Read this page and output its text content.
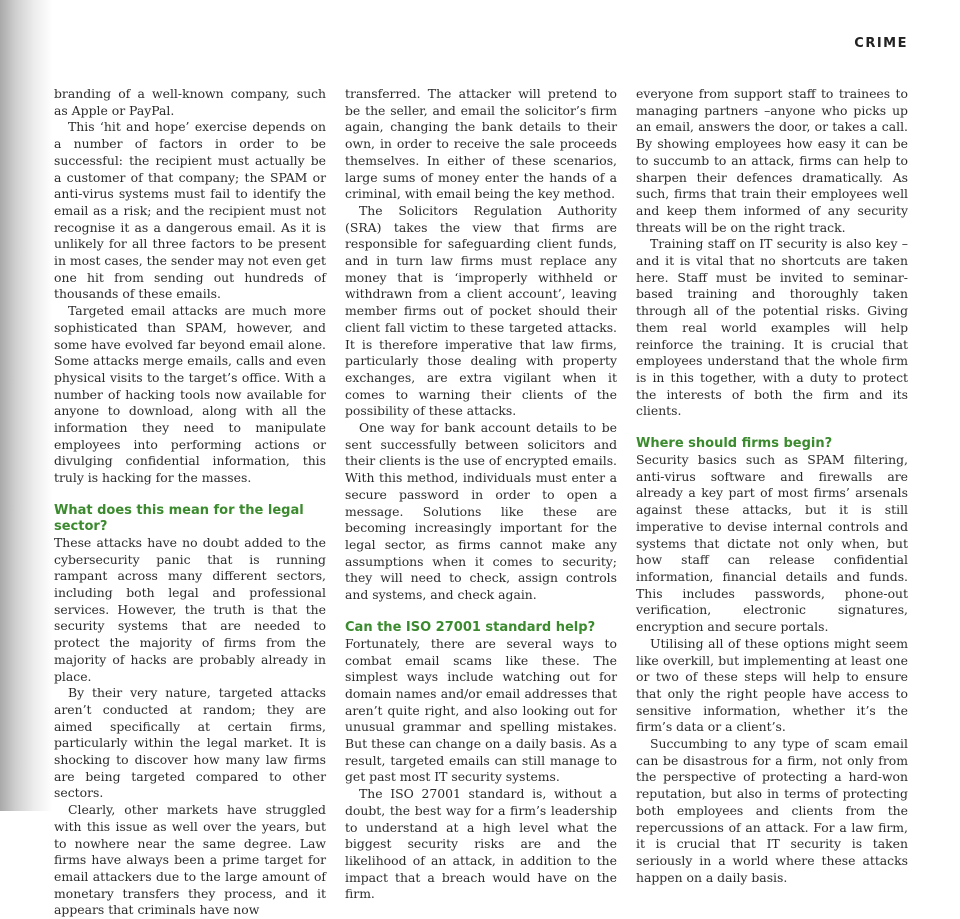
CRIME

branding of a well-known company, such as Apple or PayPal.

This ‘hit and hope’ exercise depends on a number of factors in order to be successful: the recipient must actually be a customer of that company; the SPAM or anti-virus systems must fail to identify the email as a risk; and the recipient must not recognise it as a dangerous email. As it is unlikely for all three factors to be present in most cases, the sender may not even get one hit from sending out hundreds of thousands of these emails.

Targeted email attacks are much more sophisticated than SPAM, however, and some have evolved far beyond email alone. Some attacks merge emails, calls and even physical visits to the target’s office. With a number of hacking tools now available for anyone to download, along with all the information they need to manipulate employees into performing actions or divulging confidential information, this truly is hacking for the masses.

What does this mean for the legal sector?

These attacks have no doubt added to the cybersecurity panic that is running rampant across many different sectors, including both legal and professional services. However, the truth is that the security systems that are needed to protect the majority of firms from the majority of hacks are probably already in place.

By their very nature, targeted attacks aren’t conducted at random; they are aimed specifically at certain firms, particularly within the legal market. It is shocking to discover how many law firms are being targeted compared to other sectors.

Clearly, other markets have struggled with this issue as well over the years, but to nowhere near the same degree. Law firms have always been a prime target for email attackers due to the large amount of monetary transfers they process, and it appears that criminals have now

transferred. The attacker will pretend to be the seller, and email the solicitor’s firm again, changing the bank details to their own, in order to receive the sale proceeds themselves. In either of these scenarios, large sums of money enter the hands of a criminal, with email being the key method.

The Solicitors Regulation Authority (SRA) takes the view that firms are responsible for safeguarding client funds, and in turn law firms must replace any money that is ‘improperly withheld or withdrawn from a client account’, leaving member firms out of pocket should their client fall victim to these targeted attacks. It is therefore imperative that law firms, particularly those dealing with property exchanges, are extra vigilant when it comes to warning their clients of the possibility of these attacks.

One way for bank account details to be sent successfully between solicitors and their clients is the use of encrypted emails. With this method, individuals must enter a secure password in order to open a message. Solutions like these are becoming increasingly important for the legal sector, as firms cannot make any assumptions when it comes to security; they will need to check, assign controls and systems, and check again.

Can the ISO 27001 standard help?

Fortunately, there are several ways to combat email scams like these. The simplest ways include watching out for domain names and/or email addresses that aren’t quite right, and also looking out for unusual grammar and spelling mistakes. But these can change on a daily basis. As a result, targeted emails can still manage to get past most IT security systems.

The ISO 27001 standard is, without a doubt, the best way for a firm’s leadership to understand at a high level what the biggest security risks are and the likelihood of an attack, in addition to the impact that a breach would have on the firm.

everyone from support staff to trainees to managing partners –anyone who picks up an email, answers the door, or takes a call. By showing employees how easy it can be to succumb to an attack, firms can help to sharpen their defences dramatically. As such, firms that train their employees well and keep them informed of any security threats will be on the right track.

Training staff on IT security is also key – and it is vital that no shortcuts are taken here. Staff must be invited to seminar-based training and thoroughly taken through all of the potential risks. Giving them real world examples will help reinforce the training. It is crucial that employees understand that the whole firm is in this together, with a duty to protect the interests of both the firm and its clients.

Where should firms begin?

Security basics such as SPAM filtering, anti-virus software and firewalls are already a key part of most firms’ arsenals against these attacks, but it is still imperative to devise internal controls and systems that dictate not only when, but how staff can release confidential information, financial details and funds. This includes passwords, phone-out verification, electronic signatures, encryption and secure portals.

Utilising all of these options might seem like overkill, but implementing at least one or two of these steps will help to ensure that only the right people have access to sensitive information, whether it’s the firm’s data or a client’s.

Succumbing to any type of scam email can be disastrous for a firm, not only from the perspective of protecting a hard-won reputation, but also in terms of protecting both employees and clients from the repercussions of an attack. For a law firm, it is crucial that IT security is taken seriously in a world where these attacks happen on a daily basis.
